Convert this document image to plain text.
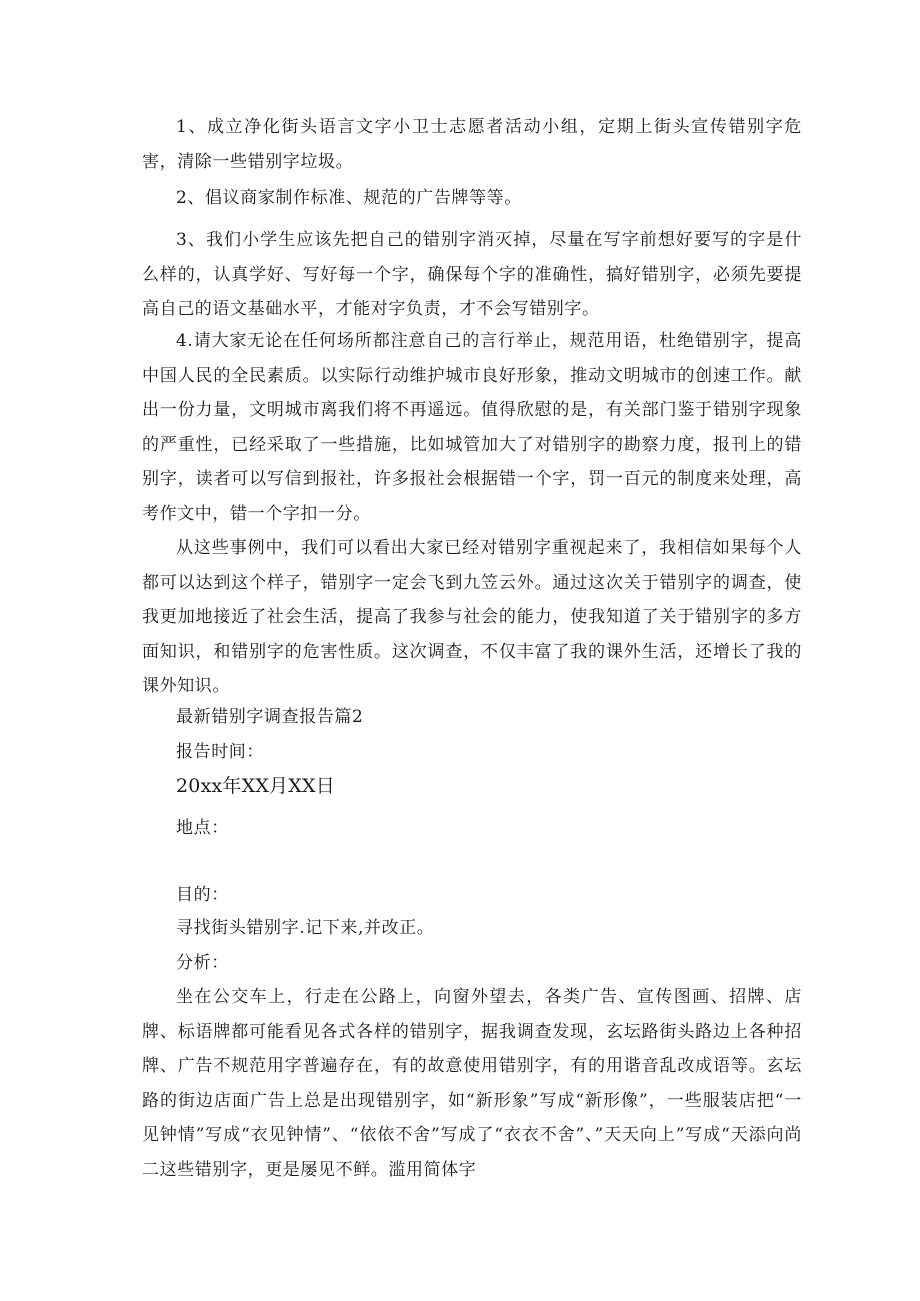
1、成立净化街头语言文字小卫士志愿者活动小组，定期上街头宣传错别字危害，清除一些错别字垃圾。

2、倡议商家制作标准、规范的广告牌等等。

3、我们小学生应该先把自己的错别字消灭掉，尽量在写字前想好要写的字是什么样的，认真学好、写好每一个字，确保每个字的准确性，搞好错别字，必须先要提高自己的语文基础水平，才能对字负责，才不会写错别字。

4.请大家无论在任何场所都注意自己的言行举止，规范用语，杜绝错别字，提高中国人民的全民素质。以实际行动维护城市良好形象，推动文明城市的创速工作。献出一份力量，文明城市离我们将不再遥远。值得欣慰的是，有关部门鉴于错别字现象的严重性，已经采取了一些措施，比如城管加大了对错别字的勘察力度，报刊上的错别字，读者可以写信到报社，许多报社会根据错一个字，罚一百元的制度来处理，高考作文中，错一个字扣一分。

从这些事例中，我们可以看出大家已经对错别字重视起来了，我相信如果每个人都可以达到这个样子，错别字一定会飞到九笠云外。通过这次关于错别字的调查，使我更加地接近了社会生活，提高了我参与社会的能力，使我知道了关于错别字的多方面知识，和错别字的危害性质。这次调查，不仅丰富了我的课外生活，还增长了我的课外知识。

最新错别字调查报告篇2

报告时间：

20xx年XX月XX日

地点：

目的：

寻找街头错别字.记下来,并改正。

分析：

坐在公交车上，行走在公路上，向窗外望去，各类广告、宣传图画、招牌、店牌、标语牌都可能看见各式各样的错别字，据我调查发现，玄坛路街头路边上各种招牌、广告不规范用字普遍存在，有的故意使用错别字，有的用谐音乱改成语等。玄坛路的街边店面广告上总是出现错别字，如“新形象”写成“新形像”，一些服装店把“一见钟情”写成“衣见钟情”、“依依不舍”写成了“衣衣不舍”、”天天向上”写成“天添向尚二这些错别字，更是屡见不鲜。滥用简体字
